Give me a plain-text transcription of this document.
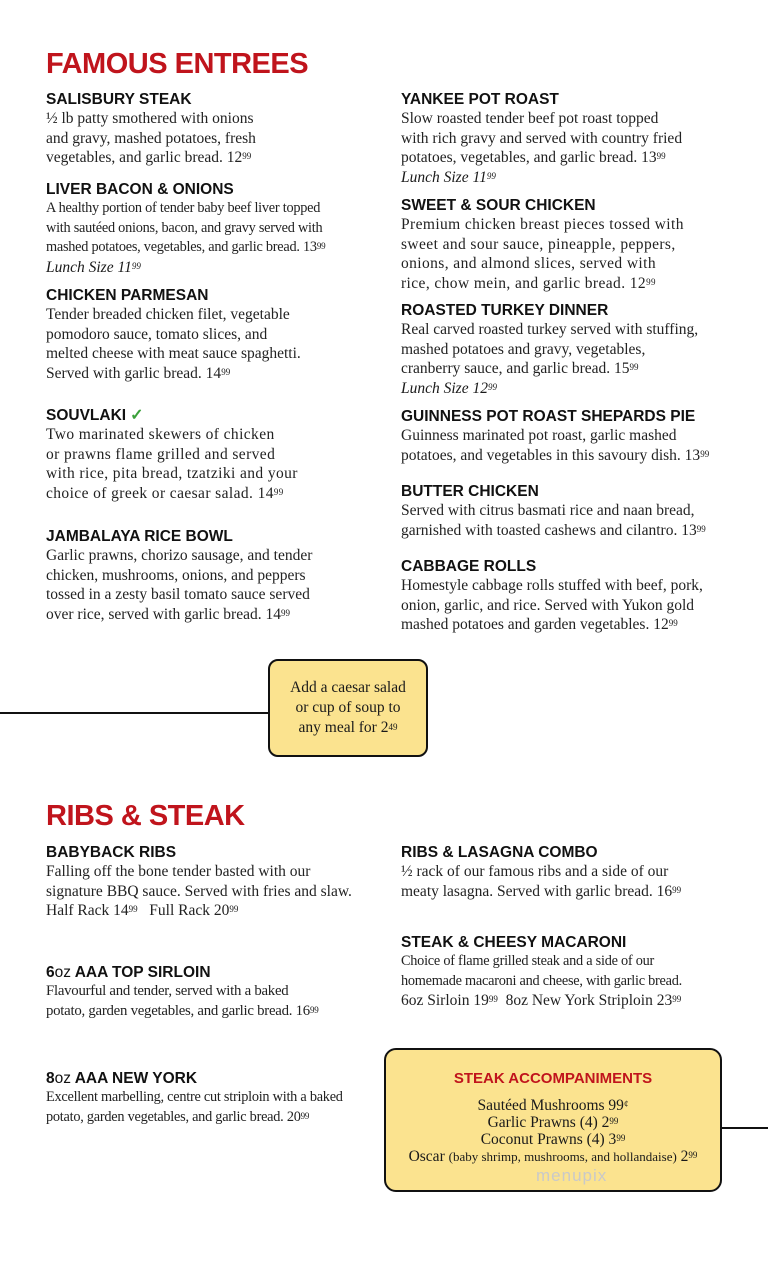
FAMOUS ENTREES
SALISBURY STEAK
½ lb patty smothered with onions
and gravy, mashed potatoes, fresh
vegetables, and garlic bread. $12^{99}$
LIVER BACON & ONIONS
A healthy portion of tender baby beef liver topped
with sautéed onions, bacon, and gravy served with
mashed potatoes, vegetables, and garlic bread. $13^{99}$
Lunch Size $11^{99}$
CHICKEN PARMESAN
Tender breaded chicken filet, vegetable
pomodoro sauce, tomato slices, and
melted cheese with meat sauce spaghetti.
Served with garlic bread. $14^{99}$
SOUVLAKI ✓
Two marinated skewers of chicken
or prawns flame grilled and served
with rice, pita bread, tzatziki and your
choice of greek or caesar salad. $14^{99}$
JAMBALAYA RICE BOWL
Garlic prawns, chorizo sausage, and tender
chicken, mushrooms, onions, and peppers
tossed in a zesty basil tomato sauce served
over rice, served with garlic bread. $14^{99}$
YANKEE POT ROAST
Slow roasted tender beef pot roast topped
with rich gravy and served with country fried
potatoes, vegetables, and garlic bread. $13^{99}$
Lunch Size $11^{99}$
SWEET & SOUR CHICKEN
Premium chicken breast pieces tossed with
sweet and sour sauce, pineapple, peppers,
onions, and almond slices, served with
rice, chow mein, and garlic bread. $12^{99}$
ROASTED TURKEY DINNER
Real carved roasted turkey served with stuffing,
mashed potatoes and gravy, vegetables,
cranberry sauce, and garlic bread. $15^{99}$
Lunch Size $12^{99}$
GUINNESS POT ROAST SHEPARDS PIE
Guinness marinated pot roast, garlic mashed
potatoes, and vegetables in this savoury dish. $13^{99}$
BUTTER CHICKEN
Served with citrus basmati rice and naan bread,
garnished with toasted cashews and cilantro. $13^{99}$
CABBAGE ROLLS
Homestyle cabbage rolls stuffed with beef, pork,
onion, garlic, and rice. Served with Yukon gold
mashed potatoes and garden vegetables. $12^{99}$
Add a caesar salad
or cup of soup to
any meal for $2^{49}$
RIBS & STEAK
BABYBACK RIBS
Falling off the bone tender basted with our
signature BBQ sauce. Served with fries and slaw.
Half Rack $14^{99}$ Full Rack $20^{99}$
6oz AAA TOP SIRLOIN
Flavourful and tender, served with a baked
potato, garden vegetables, and garlic bread. $16^{99}$
8oz AAA NEW YORK
Excellent marbelling, centre cut striploin with a baked
potato, garden vegetables, and garlic bread. $20^{99}$
RIBS & LASAGNA COMBO
½ rack of our famous ribs and a side of our
meaty lasagna. Served with garlic bread. $16^{99}$
STEAK & CHEESY MACARONI
Choice of flame grilled steak and a side of our
homemade macaroni and cheese, with garlic bread.
6oz Sirloin $19^{99}$ 8oz New York Striploin $23^{99}$
STEAK ACCOMPANIMENTS
Sautéed Mushrooms 99¢
Garlic Prawns (4) $2^{99}$
Coconut Prawns (4) $3^{99}$
Oscar (baby shrimp, mushrooms, and hollandaise) $2^{99}$
menupix
